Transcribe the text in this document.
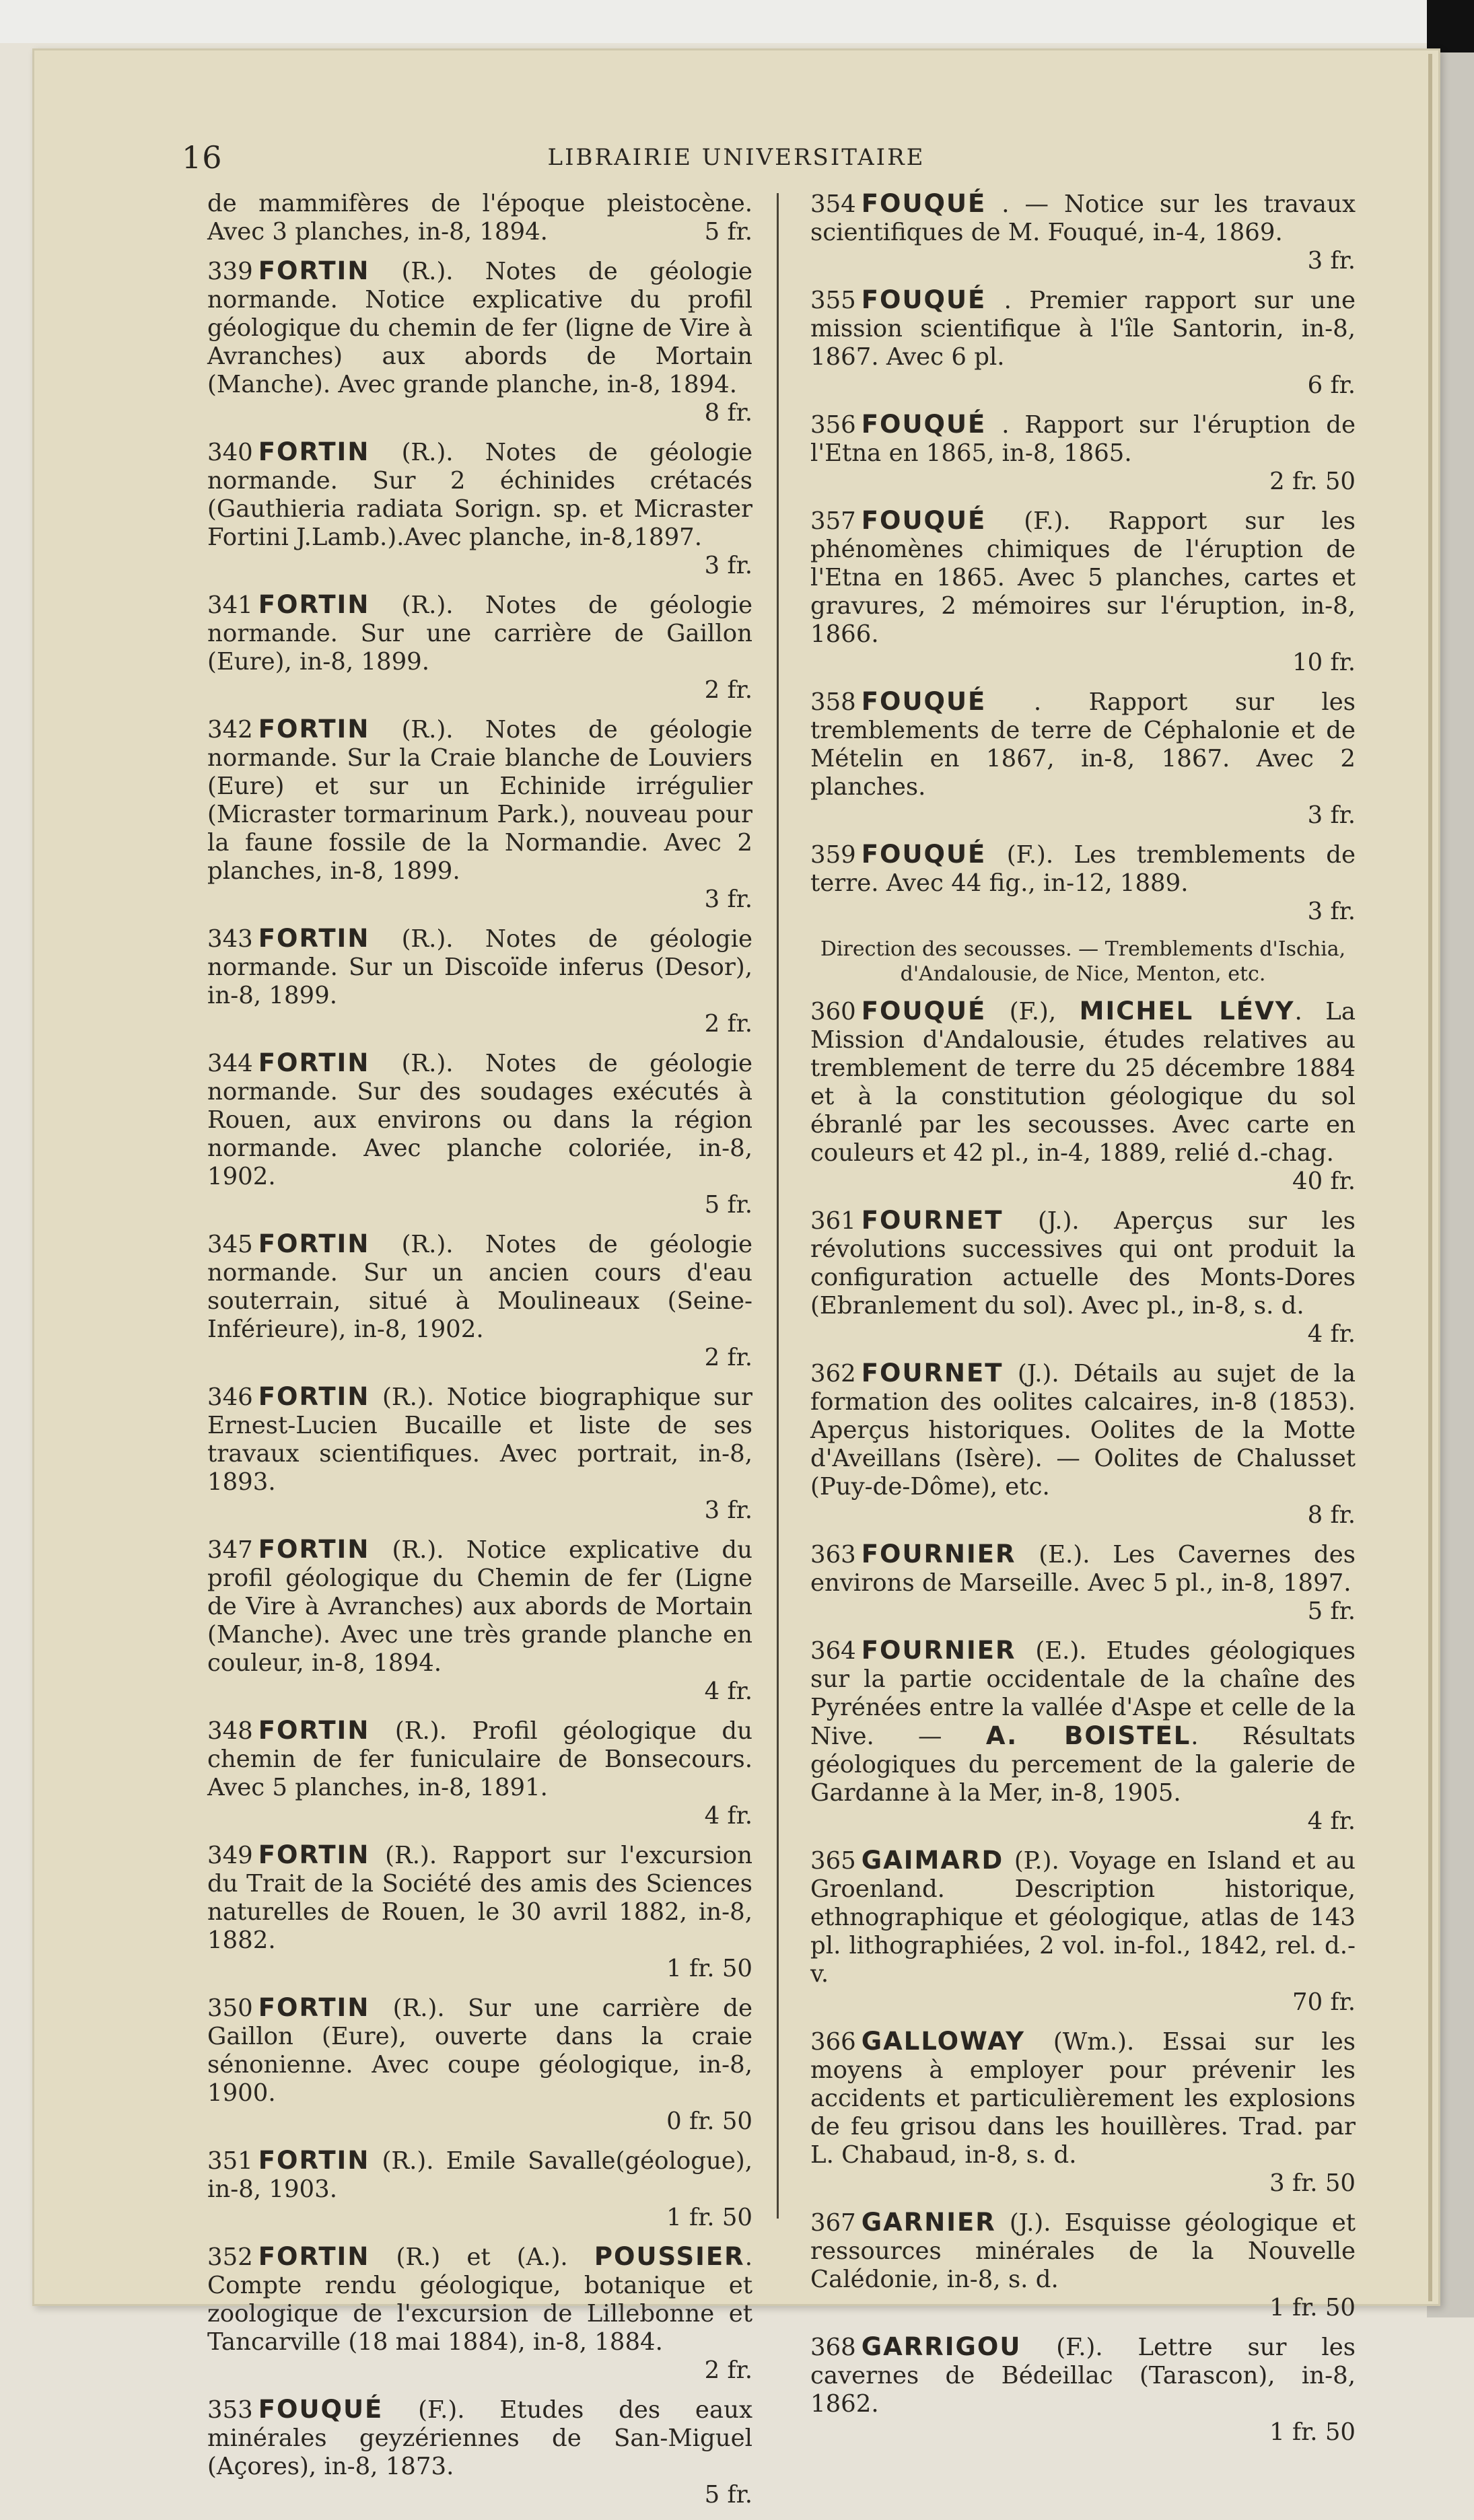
16	LIBRAIRIE UNIVERSITAIRE
de mammifères de l'époque pleistocène. Avec 3 planches, in-8, 1894.	5 fr.
339 FORTIN (R.). Notes de géologie normande. Notice explicative du profil géologique du chemin de fer (ligne de Vire à Avranches) aux abords de Mortain (Manche). Avec grande planche, in-8, 1894.
8 fr.
340 FORTIN (R.). Notes de géologie normande. Sur 2 échinides crétacés (Gauthieria radiata Sorign. sp. et Micraster Fortini J.Lamb.).Avec planche, in-8,1897.
3 fr.
341 FORTIN (R.). Notes de géologie normande. Sur une carrière de Gaillon (Eure), in-8, 1899.
2 fr.
342 FORTIN (R.). Notes de géologie normande. Sur la Craie blanche de Louviers (Eure) et sur un Echinide irrégulier (Micraster tormarinum Park.), nouveau pour la faune fossile de la Normandie. Avec 2 planches, in-8, 1899.
3 fr.
343 FORTIN (R.). Notes de géologie normande. Sur un Discoïde inferus (Desor), in-8, 1899.
2 fr.
344 FORTIN (R.). Notes de géologie normande. Sur des soudages exécutés à Rouen, aux environs ou dans la région normande. Avec planche coloriée, in-8, 1902.
5 fr.
345 FORTIN (R.). Notes de géologie normande. Sur un ancien cours d'eau souterrain, situé à Moulineaux (Seine-Inférieure), in-8, 1902.
2 fr.
346 FORTIN (R.). Notice biographique sur Ernest-Lucien Bucaille et liste de ses travaux scientifiques. Avec portrait, in-8, 1893.
3 fr.
347 FORTIN (R.). Notice explicative du profil géologique du Chemin de fer (Ligne de Vire à Avranches) aux abords de Mortain (Manche). Avec une très grande planche en couleur, in-8, 1894.
4 fr.
348 FORTIN (R.). Profil géologique du chemin de fer funiculaire de Bonsecours. Avec 5 planches, in-8, 1891.
4 fr.
349 FORTIN (R.). Rapport sur l'excursion du Trait de la Société des amis des Sciences naturelles de Rouen, le 30 avril 1882, in-8, 1882.
1 fr. 50
350 FORTIN (R.). Sur une carrière de Gaillon (Eure), ouverte dans la craie sénonienne. Avec coupe géologique, in-8, 1900.
0 fr. 50
351 FORTIN (R.). Emile Savalle(géologue), in-8, 1903.
1 fr. 50
352 FORTIN (R.) et (A.). POUSSIER. Compte rendu géologique, botanique et zoologique de l'excursion de Lillebonne et Tancarville (18 mai 1884), in-8, 1884.
2 fr.
353 FOUQUÉ (F.). Etudes des eaux minérales geyzériennes de San-Miguel (Açores), in-8, 1873.
5 fr.
354 FOUQUÉ . — Notice sur les travaux scientifiques de M. Fouqué, in-4, 1869.
3 fr.
355 FOUQUÉ . Premier rapport sur une mission scientifique à l'île Santorin, in-8, 1867. Avec 6 pl.
6 fr.
356 FOUQUÉ . Rapport sur l'éruption de l'Etna en 1865, in-8, 1865.
2 fr. 50
357 FOUQUÉ (F.). Rapport sur les phénomènes chimiques de l'éruption de l'Etna en 1865. Avec 5 planches, cartes et gravures, 2 mémoires sur l'éruption, in-8, 1866.
10 fr.
358 FOUQUÉ . Rapport sur les tremblements de terre de Céphalonie et de Mételin en 1867, in-8, 1867. Avec 2 planches.
3 fr.
359 FOUQUÉ (F.). Les tremblements de terre. Avec 44 fig., in-12, 1889.
3 fr.
Direction des secousses. — Tremblements d'Ischia, d'Andalousie, de Nice, Menton, etc.
360 FOUQUÉ (F.), MICHEL LÉVY. La Mission d'Andalousie, études relatives au tremblement de terre du 25 décembre 1884 et à la constitution géologique du sol ébranlé par les secousses. Avec carte en couleurs et 42 pl., in-4, 1889, relié d.-chag.
40 fr.
361 FOURNET (J.). Aperçus sur les révolutions successives qui ont produit la configuration actuelle des Monts-Dores (Ebranlement du sol). Avec pl., in-8, s. d.
4 fr.
362 FOURNET (J.). Détails au sujet de la formation des oolites calcaires, in-8 (1853). Aperçus historiques. Oolites de la Motte d'Aveillans (Isère). — Oolites de Chalusset (Puy-de-Dôme), etc.
8 fr.
363 FOURNIER (E.). Les Cavernes des environs de Marseille. Avec 5 pl., in-8, 1897.
5 fr.
364 FOURNIER (E.). Etudes géologiques sur la partie occidentale de la chaîne des Pyrénées entre la vallée d'Aspe et celle de la Nive. — A. BOISTEL. Résultats géologiques du percement de la galerie de Gardanne à la Mer, in-8, 1905.
4 fr.
365 GAIMARD (P.). Voyage en Island et au Groenland. Description historique, ethnographique et géologique, atlas de 143 pl. lithographiées, 2 vol. in-fol., 1842, rel. d.-v.
70 fr.
366 GALLOWAY (Wm.). Essai sur les moyens à employer pour prévenir les accidents et particulièrement les explosions de feu grisou dans les houillères. Trad. par L. Chabaud, in-8, s. d.
3 fr. 50
367 GARNIER (J.). Esquisse géologique et ressources minérales de la Nouvelle Calédonie, in-8, s. d.
1 fr. 50
368 GARRIGOU (F.). Lettre sur les cavernes de Bédeillac (Tarascon), in-8, 1862.
1 fr. 50
